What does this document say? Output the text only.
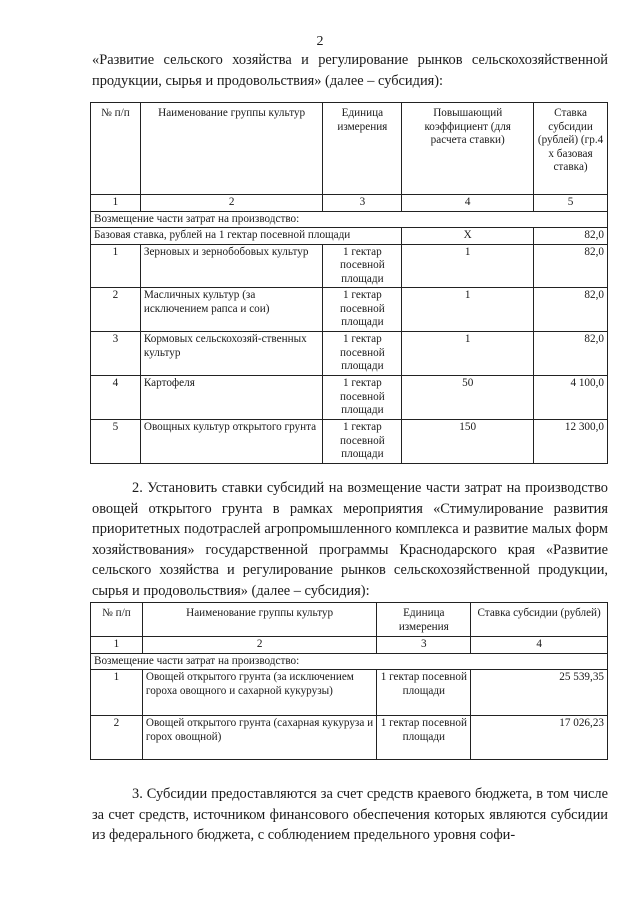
2
«Развитие сельского хозяйства и регулирование рынков сельскохозяйственной продукции, сырья и продовольствия» (далее – субсидия):
№ п/п	Наименование группы культур	Единица измерения	Повышающий коэффициент (для расчета ставки)	Ставка субсидии (рублей) (гр.4 х базовая ставка)
1	2	3	4	5
Возмещение части затрат на производство:				
Базовая ставка, рублей на 1 гектар посевной площади			Х	82,0
1	Зерновых и зернобобовых культур	1 гектар посевной площади	1	82,0
2	Масличных культур (за исключением рапса и сои)	1 гектар посевной площади	1	82,0
3	Кормовых сельскохозяй-ственных культур	1 гектар посевной площади	1	82,0
4	Картофеля	1 гектар посевной площади	50	4 100,0
5	Овощных культур открытого грунта	1 гектар посевной площади	150	12 300,0
2. Установить ставки субсидий на возмещение части затрат на производство овощей открытого грунта в рамках мероприятия «Стимулирование развития приоритетных подотраслей агропромышленного комплекса и развитие малых форм хозяйствования» государственной программы Краснодарского края «Развитие сельского хозяйства и регулирование рынков сельскохозяйственной продукции, сырья и продовольствия» (далее – субсидия):
№ п/п	Наименование группы культур	Единица измерения	Ставка субсидии (рублей)
1	2	3	4
Возмещение части затрат на производство:			
1	Овощей открытого грунта (за исключением гороха овощного и сахарной кукурузы)	1 гектар посевной площади	25 539,35
2	Овощей открытого грунта (сахарная кукуруза и горох овощной)	1 гектар посевной площади	17 026,23
3. Субсидии предоставляются за счет средств краевого бюджета, в том числе за счет средств, источником финансового обеспечения которых являются субсидии из федерального бюджета, с соблюдением предельного уровня софи-
